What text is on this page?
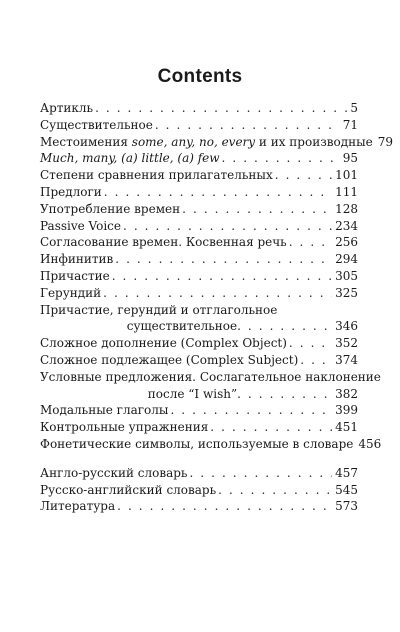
Contents
Артикль . . .	5
Существительное . . .	71
Местоимения some, any, no, every и их производные 79
Much, many, (a) little, (a) few . . .	95
Степени сравнения прилагательных . . .	101
Предлоги . . .	111
Употребление времен . . .	128
Passive Voice . . .	234
Согласование времен. Косвенная речь . . .	256
Инфинитив . . .	294
Причастие . . .	305
Герундий . . .	325
Причастие, герундий и отглагольное
существительное . . .	346
Сложное дополнение (Complex Object) . . .	352
Сложное подлежащее (Complex Subject) . . .	374
Условные предложения. Сослагательное наклонение
после “I wish” . . .	382
Модальные глаголы . . .	399
Контрольные упражнения . . .	451
Фонетические символы, используемые в словаре 456
Англо-русский словарь . . .	457
Русско-английский словарь . . .	545
Литература . . .	573
